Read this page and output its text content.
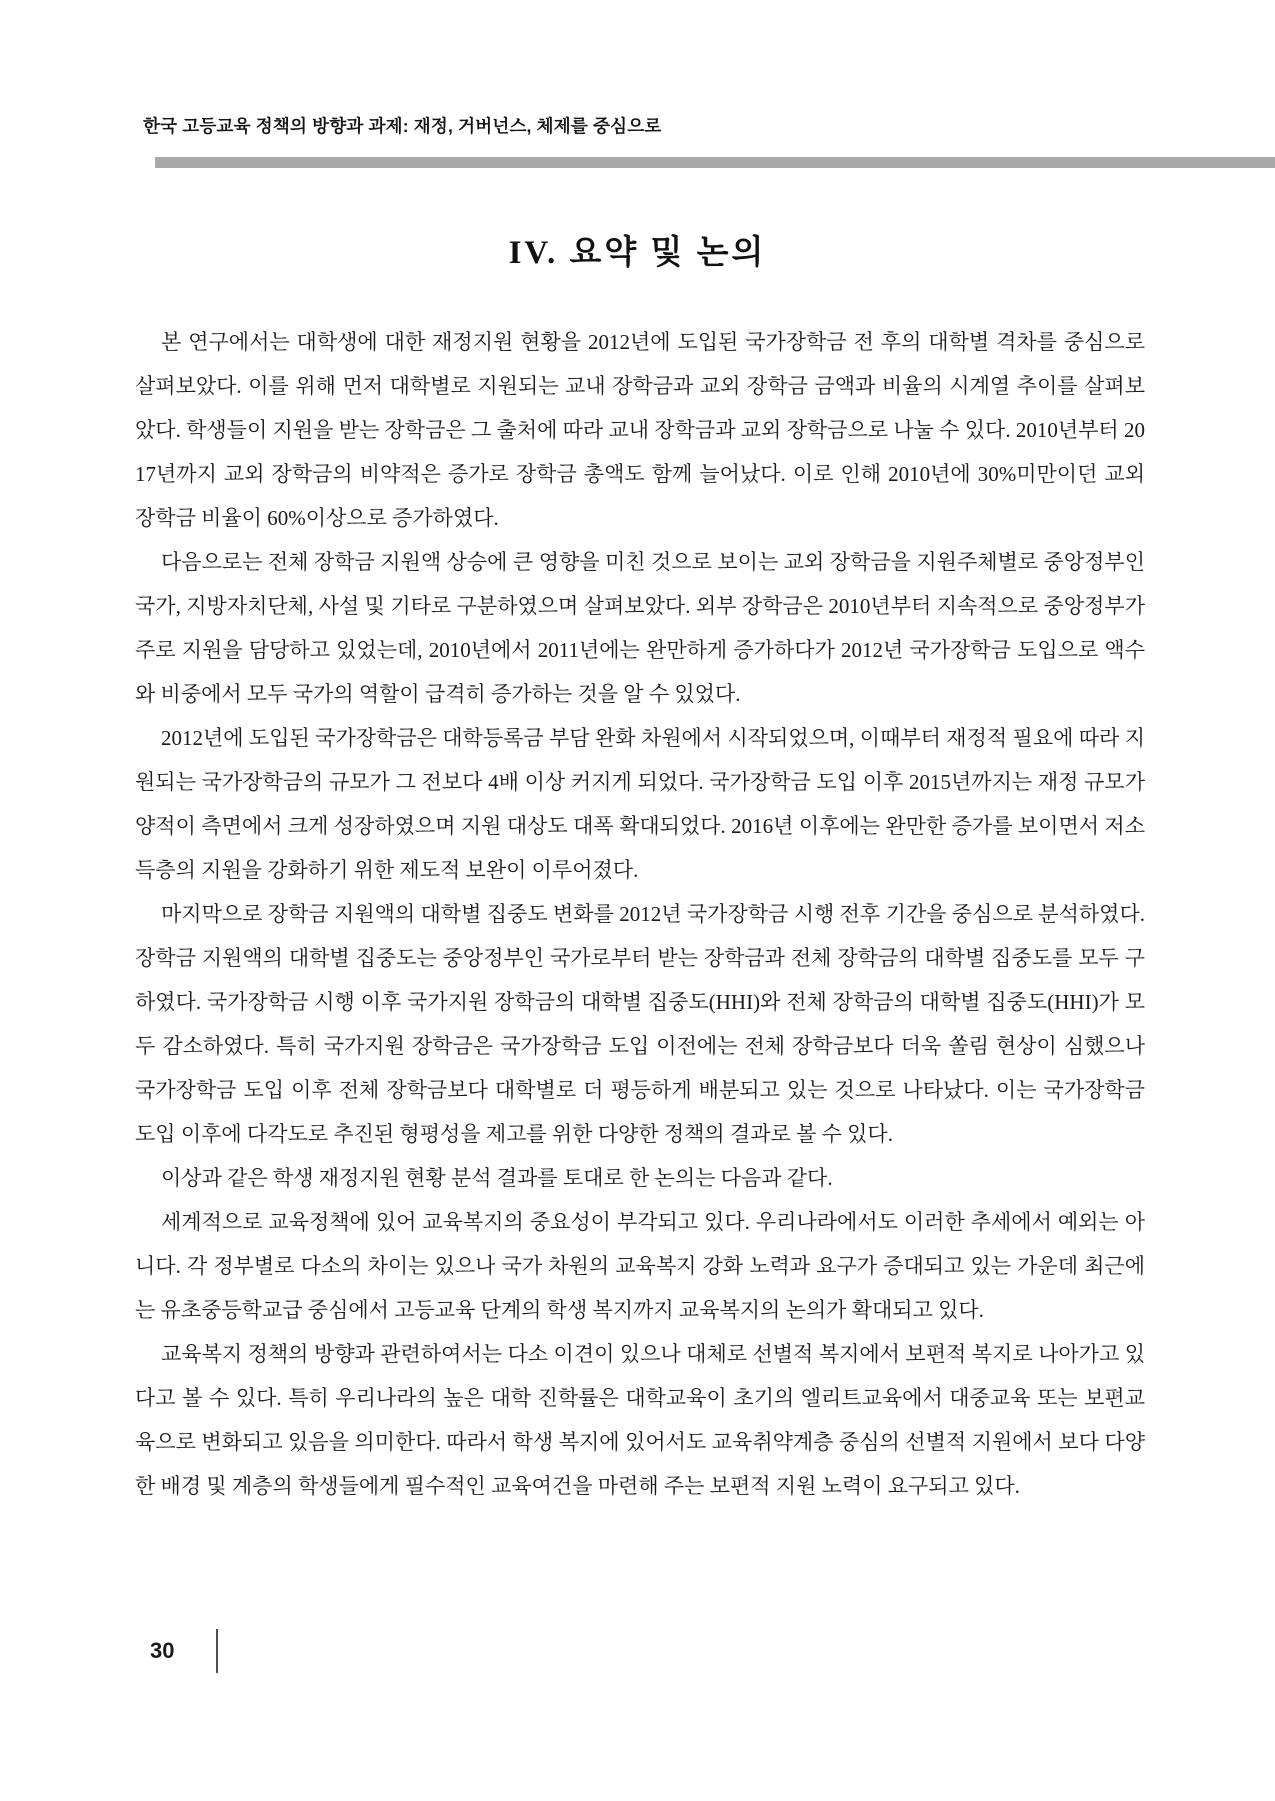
한국 고등교육 정책의 방향과 과제: 재정, 거버넌스, 체제를 중심으로
IV. 요약 및 논의

본 연구에서는 대학생에 대한 재정지원 현황을 2012년에 도입된 국가장학금 전 후의 대학별 격차를 중심으로 살펴보았다. 이를 위해 먼저 대학별로 지원되는 교내 장학금과 교외 장학금 금액과 비율의 시계열 추이를 살펴보았다. 학생들이 지원을 받는 장학금은 그 출처에 따라 교내 장학금과 교외 장학금으로 나눌 수 있다. 2010년부터 2017년까지 교외 장학금의 비약적은 증가로 장학금 총액도 함께 늘어났다. 이로 인해 2010년에 30%미만이던 교외 장학금 비율이 60%이상으로 증가하였다.

다음으로는 전체 장학금 지원액 상승에 큰 영향을 미친 것으로 보이는 교외 장학금을 지원주체별로 중앙정부인 국가, 지방자치단체, 사설 및 기타로 구분하였으며 살펴보았다. 외부 장학금은 2010년부터 지속적으로 중앙정부가 주로 지원을 담당하고 있었는데, 2010년에서 2011년에는 완만하게 증가하다가 2012년 국가장학금 도입으로 액수와 비중에서 모두 국가의 역할이 급격히 증가하는 것을 알 수 있었다.

2012년에 도입된 국가장학금은 대학등록금 부담 완화 차원에서 시작되었으며, 이때부터 재정적 필요에 따라 지원되는 국가장학금의 규모가 그 전보다 4배 이상 커지게 되었다. 국가장학금 도입 이후 2015년까지는 재정 규모가 양적이 측면에서 크게 성장하였으며 지원 대상도 대폭 확대되었다. 2016년 이후에는 완만한 증가를 보이면서 저소득층의 지원을 강화하기 위한 제도적 보완이 이루어졌다.

마지막으로 장학금 지원액의 대학별 집중도 변화를 2012년 국가장학금 시행 전후 기간을 중심으로 분석하였다. 장학금 지원액의 대학별 집중도는 중앙정부인 국가로부터 받는 장학금과 전체 장학금의 대학별 집중도를 모두 구하였다. 국가장학금 시행 이후 국가지원 장학금의 대학별 집중도(HHI)와 전체 장학금의 대학별 집중도(HHI)가 모두 감소하였다. 특히 국가지원 장학금은 국가장학금 도입 이전에는 전체 장학금보다 더욱 쏠림 현상이 심했으나 국가장학금 도입 이후 전체 장학금보다 대학별로 더 평등하게 배분되고 있는 것으로 나타났다. 이는 국가장학금 도입 이후에 다각도로 추진된 형평성을 제고를 위한 다양한 정책의 결과로 볼 수 있다.

이상과 같은 학생 재정지원 현황 분석 결과를 토대로 한 논의는 다음과 같다.

세계적으로 교육정책에 있어 교육복지의 중요성이 부각되고 있다. 우리나라에서도 이러한 추세에서 예외는 아니다. 각 정부별로 다소의 차이는 있으나 국가 차원의 교육복지 강화 노력과 요구가 증대되고 있는 가운데 최근에는 유초중등학교급 중심에서 고등교육 단계의 학생 복지까지 교육복지의 논의가 확대되고 있다.

교육복지 정책의 방향과 관련하여서는 다소 이견이 있으나 대체로 선별적 복지에서 보편적 복지로 나아가고 있다고 볼 수 있다. 특히 우리나라의 높은 대학 진학률은 대학교육이 초기의 엘리트교육에서 대중교육 또는 보편교육으로 변화되고 있음을 의미한다. 따라서 학생 복지에 있어서도 교육취약계층 중심의 선별적 지원에서 보다 다양한 배경 및 계층의 학생들에게 필수적인 교육여건을 마련해 주는 보편적 지원 노력이 요구되고 있다.

30
